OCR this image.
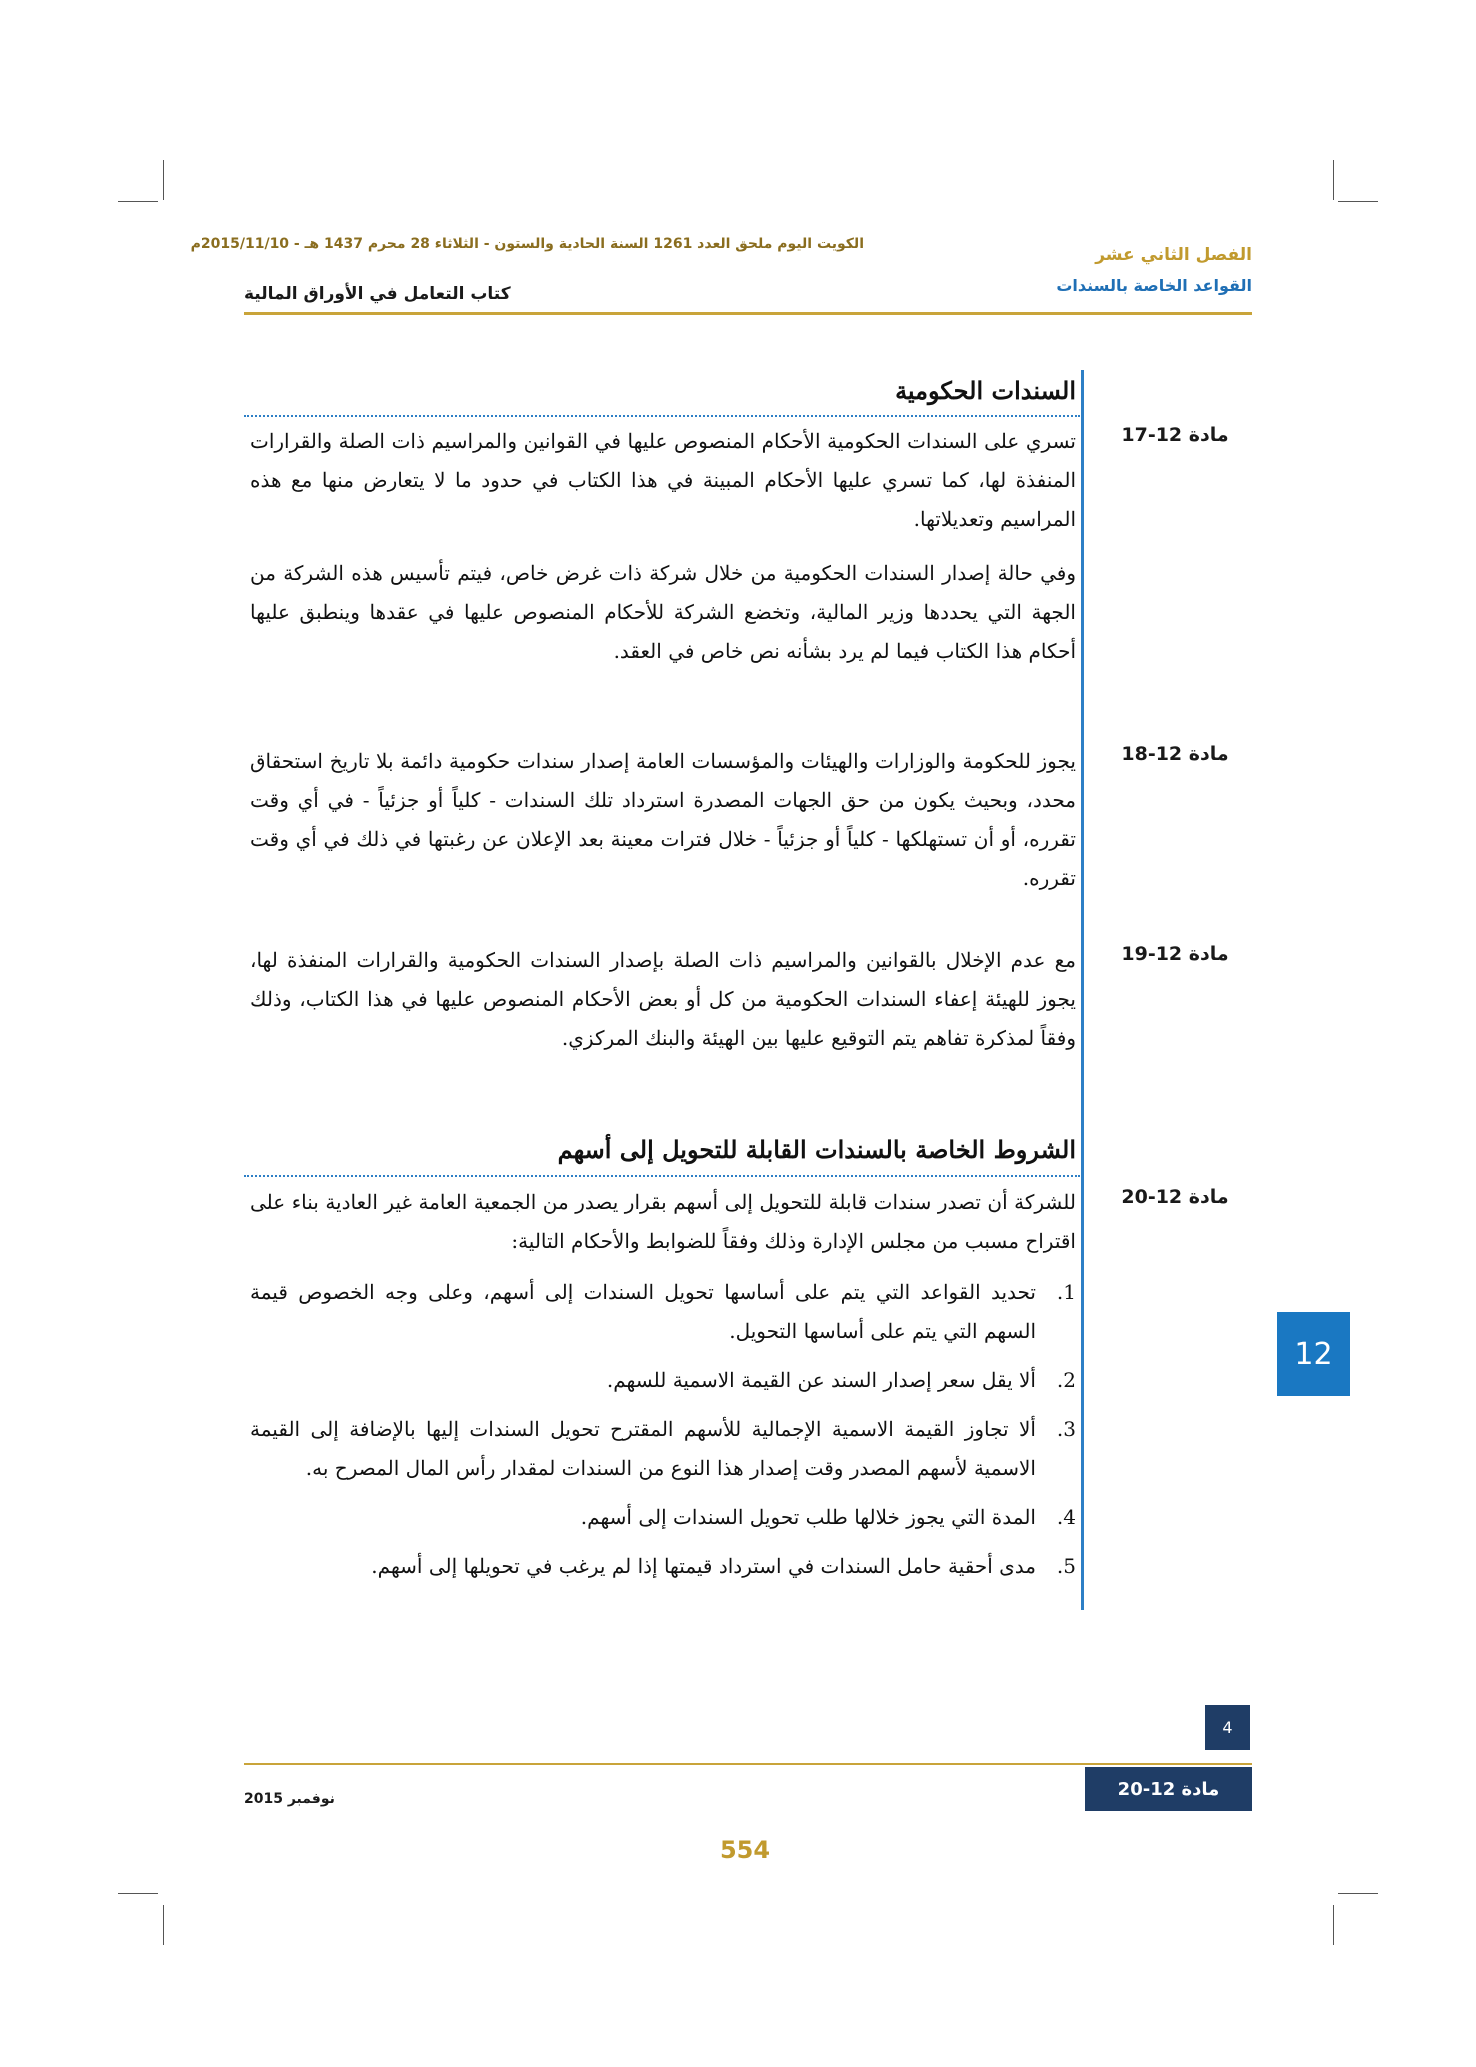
الكويت اليوم ملحق العدد 1261 السنة الحادية والستون - الثلاثاء 28 محرم 1437 هـ - 2015/11/10م
الفصل الثاني عشر
القواعد الخاصة بالسندات
كتاب التعامل في الأوراق المالية
السندات الحكومية
مادة 12-17

تسري على السندات الحكومية الأحكام المنصوص عليها في القوانين والمراسيم ذات الصلة والقرارات المنفذة لها، كما تسري عليها الأحكام المبينة في هذا الكتاب في حدود ما لا يتعارض منها مع هذه المراسيم وتعديلاتها.

وفي حالة إصدار السندات الحكومية من خلال شركة ذات غرض خاص، فيتم تأسيس هذه الشركة من الجهة التي يحددها وزير المالية، وتخضع الشركة للأحكام المنصوص عليها في عقدها وينطبق عليها أحكام هذا الكتاب فيما لم يرد بشأنه نص خاص في العقد.

مادة 12-18

يجوز للحكومة والوزارات والهيئات والمؤسسات العامة إصدار سندات حكومية دائمة بلا تاريخ استحقاق محدد، وبحيث يكون من حق الجهات المصدرة استرداد تلك السندات - كلياً أو جزئياً - في أي وقت تقرره، أو أن تستهلكها - كلياً أو جزئياً - خلال فترات معينة بعد الإعلان عن رغبتها في ذلك في أي وقت تقرره.

مادة 12-19

مع عدم الإخلال بالقوانين والمراسيم ذات الصلة بإصدار السندات الحكومية والقرارات المنفذة لها، يجوز للهيئة إعفاء السندات الحكومية من كل أو بعض الأحكام المنصوص عليها في هذا الكتاب، وذلك وفقاً لمذكرة تفاهم يتم التوقيع عليها بين الهيئة والبنك المركزي.

الشروط الخاصة بالسندات القابلة للتحويل إلى أسهم
مادة 12-20

للشركة أن تصدر سندات قابلة للتحويل إلى أسهم بقرار يصدر من الجمعية العامة غير العادية بناء على اقتراح مسبب من مجلس الإدارة وذلك وفقاً للضوابط والأحكام التالية:

1.
تحديد القواعد التي يتم على أساسها تحويل السندات إلى أسهم، وعلى وجه الخصوص قيمة السهم التي يتم على أساسها التحويل.
2.
ألا يقل سعر إصدار السند عن القيمة الاسمية للسهم.
3.
ألا تجاوز القيمة الاسمية الإجمالية للأسهم المقترح تحويل السندات إليها بالإضافة إلى القيمة الاسمية لأسهم المصدر وقت إصدار هذا النوع من السندات لمقدار رأس المال المصرح به.
4.
المدة التي يجوز خلالها طلب تحويل السندات إلى أسهم.
5.
مدى أحقية حامل السندات في استرداد قيمتها إذا لم يرغب في تحويلها إلى أسهم.
12
4
نوفمبر 2015	مادة 12-20
554
